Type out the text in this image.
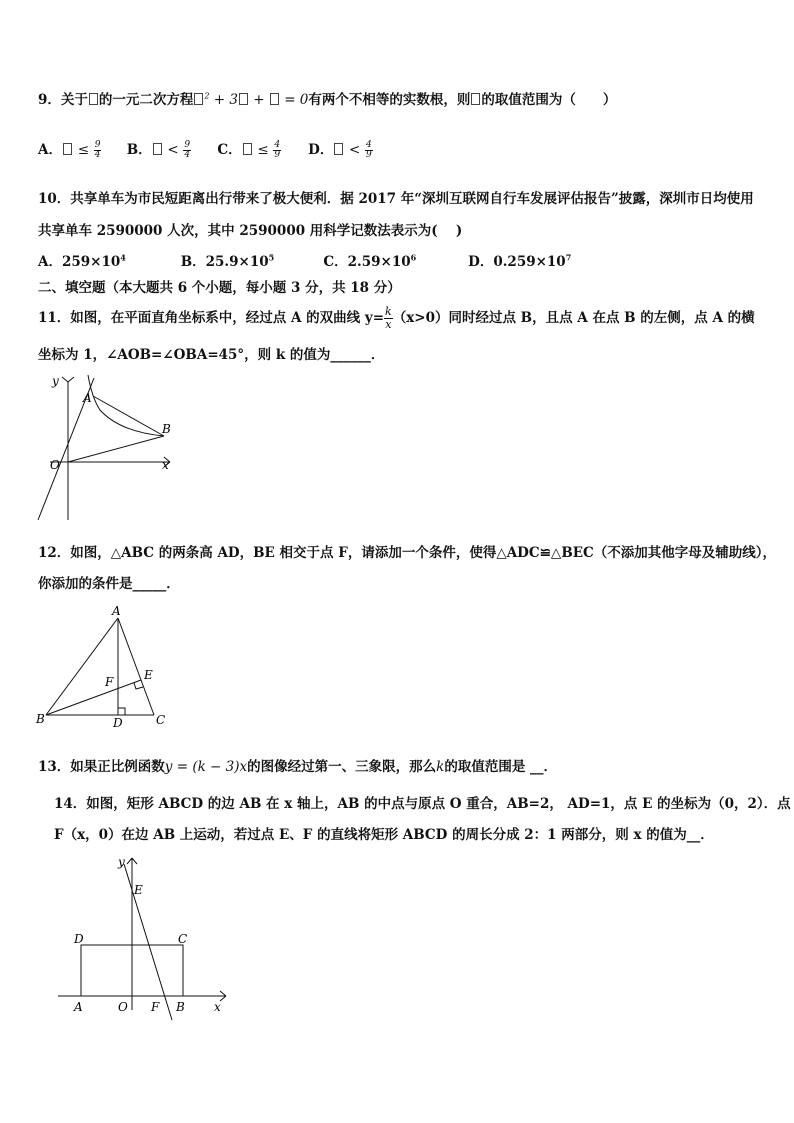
9．关于 的一元二次方程 $^2$ + 3 + = 0有两个不相等的实数根，则 的取值范围为（　　）
A． ≤ $\frac{9}{4}$ B． < $\frac{9}{4}$ C． ≤ $\frac{4}{9}$ D． < $\frac{4}{9}$
10．共享单车为市民短距离出行带来了极大便利．据 2017 年“深圳互联网自行车发展评估报告”披露，深圳市日均使用
共享单车 2590000 人次，其中 2590000 用科学记数法表示为(　 )
A．$259\times 10^4$	B．$25.9\times 10^5$	C．$2.59\times 10^6$	D．$0.259\times 10^7$
二、填空题（本大题共 6 个小题，每小题 3 分，共 18 分）
11．如图，在平面直角坐标系中，经过点 A 的双曲线 $y= \frac{k}{x} (x>0)$同时经过点 B，且点 A 在点 B 的左侧，点 A 的横
坐标为 1，∠AOB=∠OBA=45°，则 k 的值为______．
y
x
O
A
B
12．如图，△ABC 的两条高 AD，BE 相交于点 F，请添加一个条件，使得△ADC≌△BEC（不添加其他字母及辅助线），
你添加的条件是_____．
A
B	C
D
E
F
13．如果正比例函数y = (k − 3)x的图像经过第一、三象限，那么k的取值范围是 __．
14．如图，矩形 ABCD 的边 AB 在 x 轴上，AB 的中点与原点 O 重合，AB=2， AD=1，点 E 的坐标为（0，2）．点
F（x，0）在边 AB 上运动，若过点 E、F 的直线将矩形 ABCD 的周长分成 2：1 两部分，则 x 的值为__．
y
x
O
A	B
C
D
E
F
